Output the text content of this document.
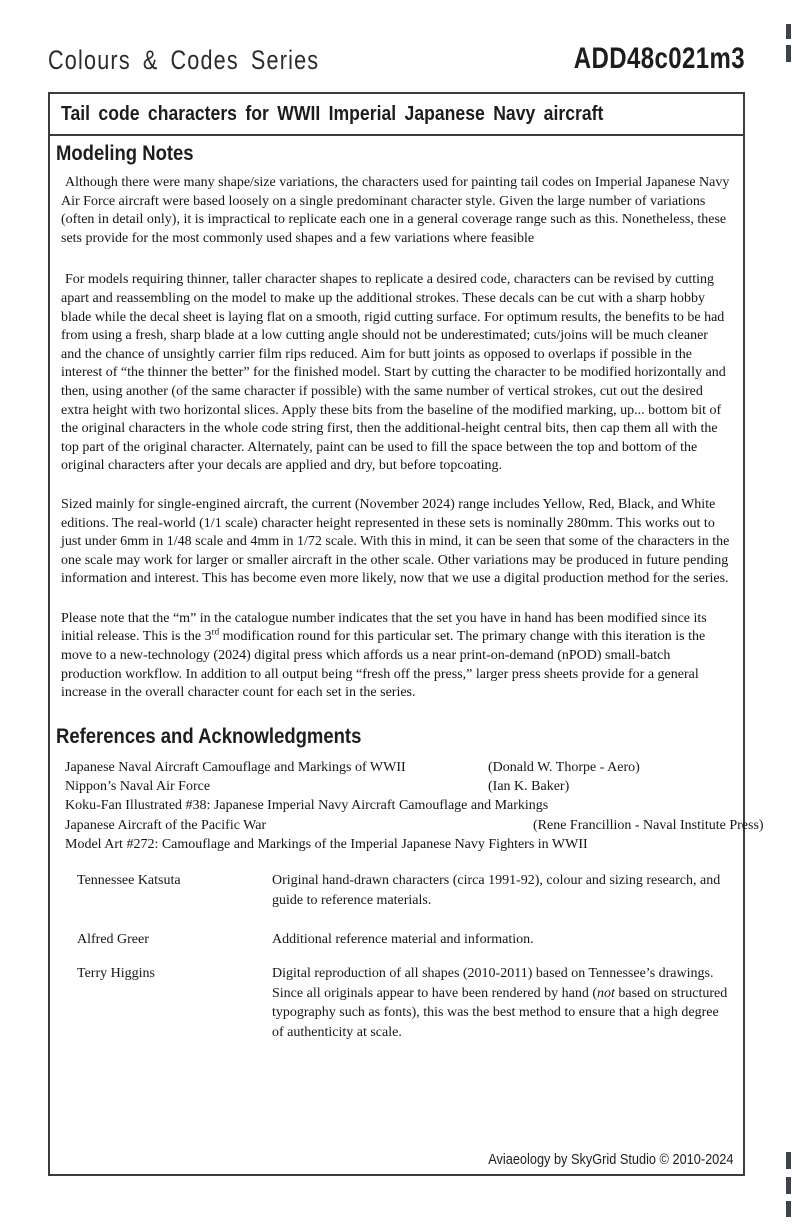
Colours & Codes Series	ADD48c021m3
Tail code characters for WWII Imperial Japanese Navy aircraft
Modeling Notes

Although there were many shape/size variations, the characters used for painting tail codes on Imperial Japanese Navy Air Force aircraft were based loosely on a single predominant character style. Given the large number of variations (often in detail only), it is impractical to replicate each one in a general coverage range such as this. Nonetheless, these sets provide for the most commonly used shapes and a few variations where feasible

For models requiring thinner, taller character shapes to replicate a desired code, characters can be revised by cutting apart and reassembling on the model to make up the additional strokes. These decals can be cut with a sharp hobby blade while the decal sheet is laying flat on a smooth, rigid cutting surface. For optimum results, the benefits to be had from using a fresh, sharp blade at a low cutting angle should not be underestimated; cuts/joins will be much cleaner and the chance of unsightly carrier film rips reduced. Aim for butt joints as opposed to overlaps if possible in the interest of “the thinner the better” for the finished model. Start by cutting the character to be modified horizontally and then, using another (of the same character if possible) with the same number of vertical strokes, cut out the desired extra height with two horizontal slices. Apply these bits from the baseline of the modified marking, up... bottom bit of the original characters in the whole code string first, then the additional-height central bits, then cap them all with the top part of the original character. Alternately, paint can be used to fill the space between the top and bottom of the original characters after your decals are applied and dry, but before topcoating.

Sized mainly for single-engined aircraft, the current (November 2024) range includes Yellow, Red, Black, and White editions. The real-world (1/1 scale) character height represented in these sets is nominally 280mm. This works out to just under 6mm in 1/48 scale and 4mm in 1/72 scale. With this in mind, it can be seen that some of the characters in the one scale may work for larger or smaller aircraft in the other scale. Other variations may be produced in future pending information and interest. This has become even more likely, now that we use a digital production method for the series.

Please note that the “m” in the catalogue number indicates that the set you have in hand has been modified since its initial release. This is the 3rd modification round for this particular set. The primary change with this iteration is the move to a new-technology (2024) digital press which affords us a near print-on-demand (nPOD) small-batch production workflow. In addition to all output being “fresh off the press,” larger press sheets provide for a general increase in the overall character count for each set in the series.

References and Acknowledgments
Japanese Naval Aircraft Camouflage and Markings of WWII	(Donald W. Thorpe - Aero)
Nippon’s Naval Air Force	(Ian K. Baker)
Koku-Fan Illustrated #38: Japanese Imperial Navy Aircraft Camouflage and Markings
Japanese Aircraft of the Pacific War	(Rene Francillion - Naval Institute Press)
Model Art #272: Camouflage and Markings of the Imperial Japanese Navy Fighters in WWII
Tennessee Katsuta	Original hand-drawn characters (circa 1991-92), colour and sizing research, and guide to reference materials.
Alfred Greer	Additional reference material and information.
Terry Higgins	Digital reproduction of all shapes (2010-2011) based on Tennessee’s drawings. Since all originals appear to have been rendered by hand (not based on structured typography such as fonts), this was the best method to ensure that a high degree of authenticity at scale.
Aviaeology by SkyGrid Studio © 2010-2024
